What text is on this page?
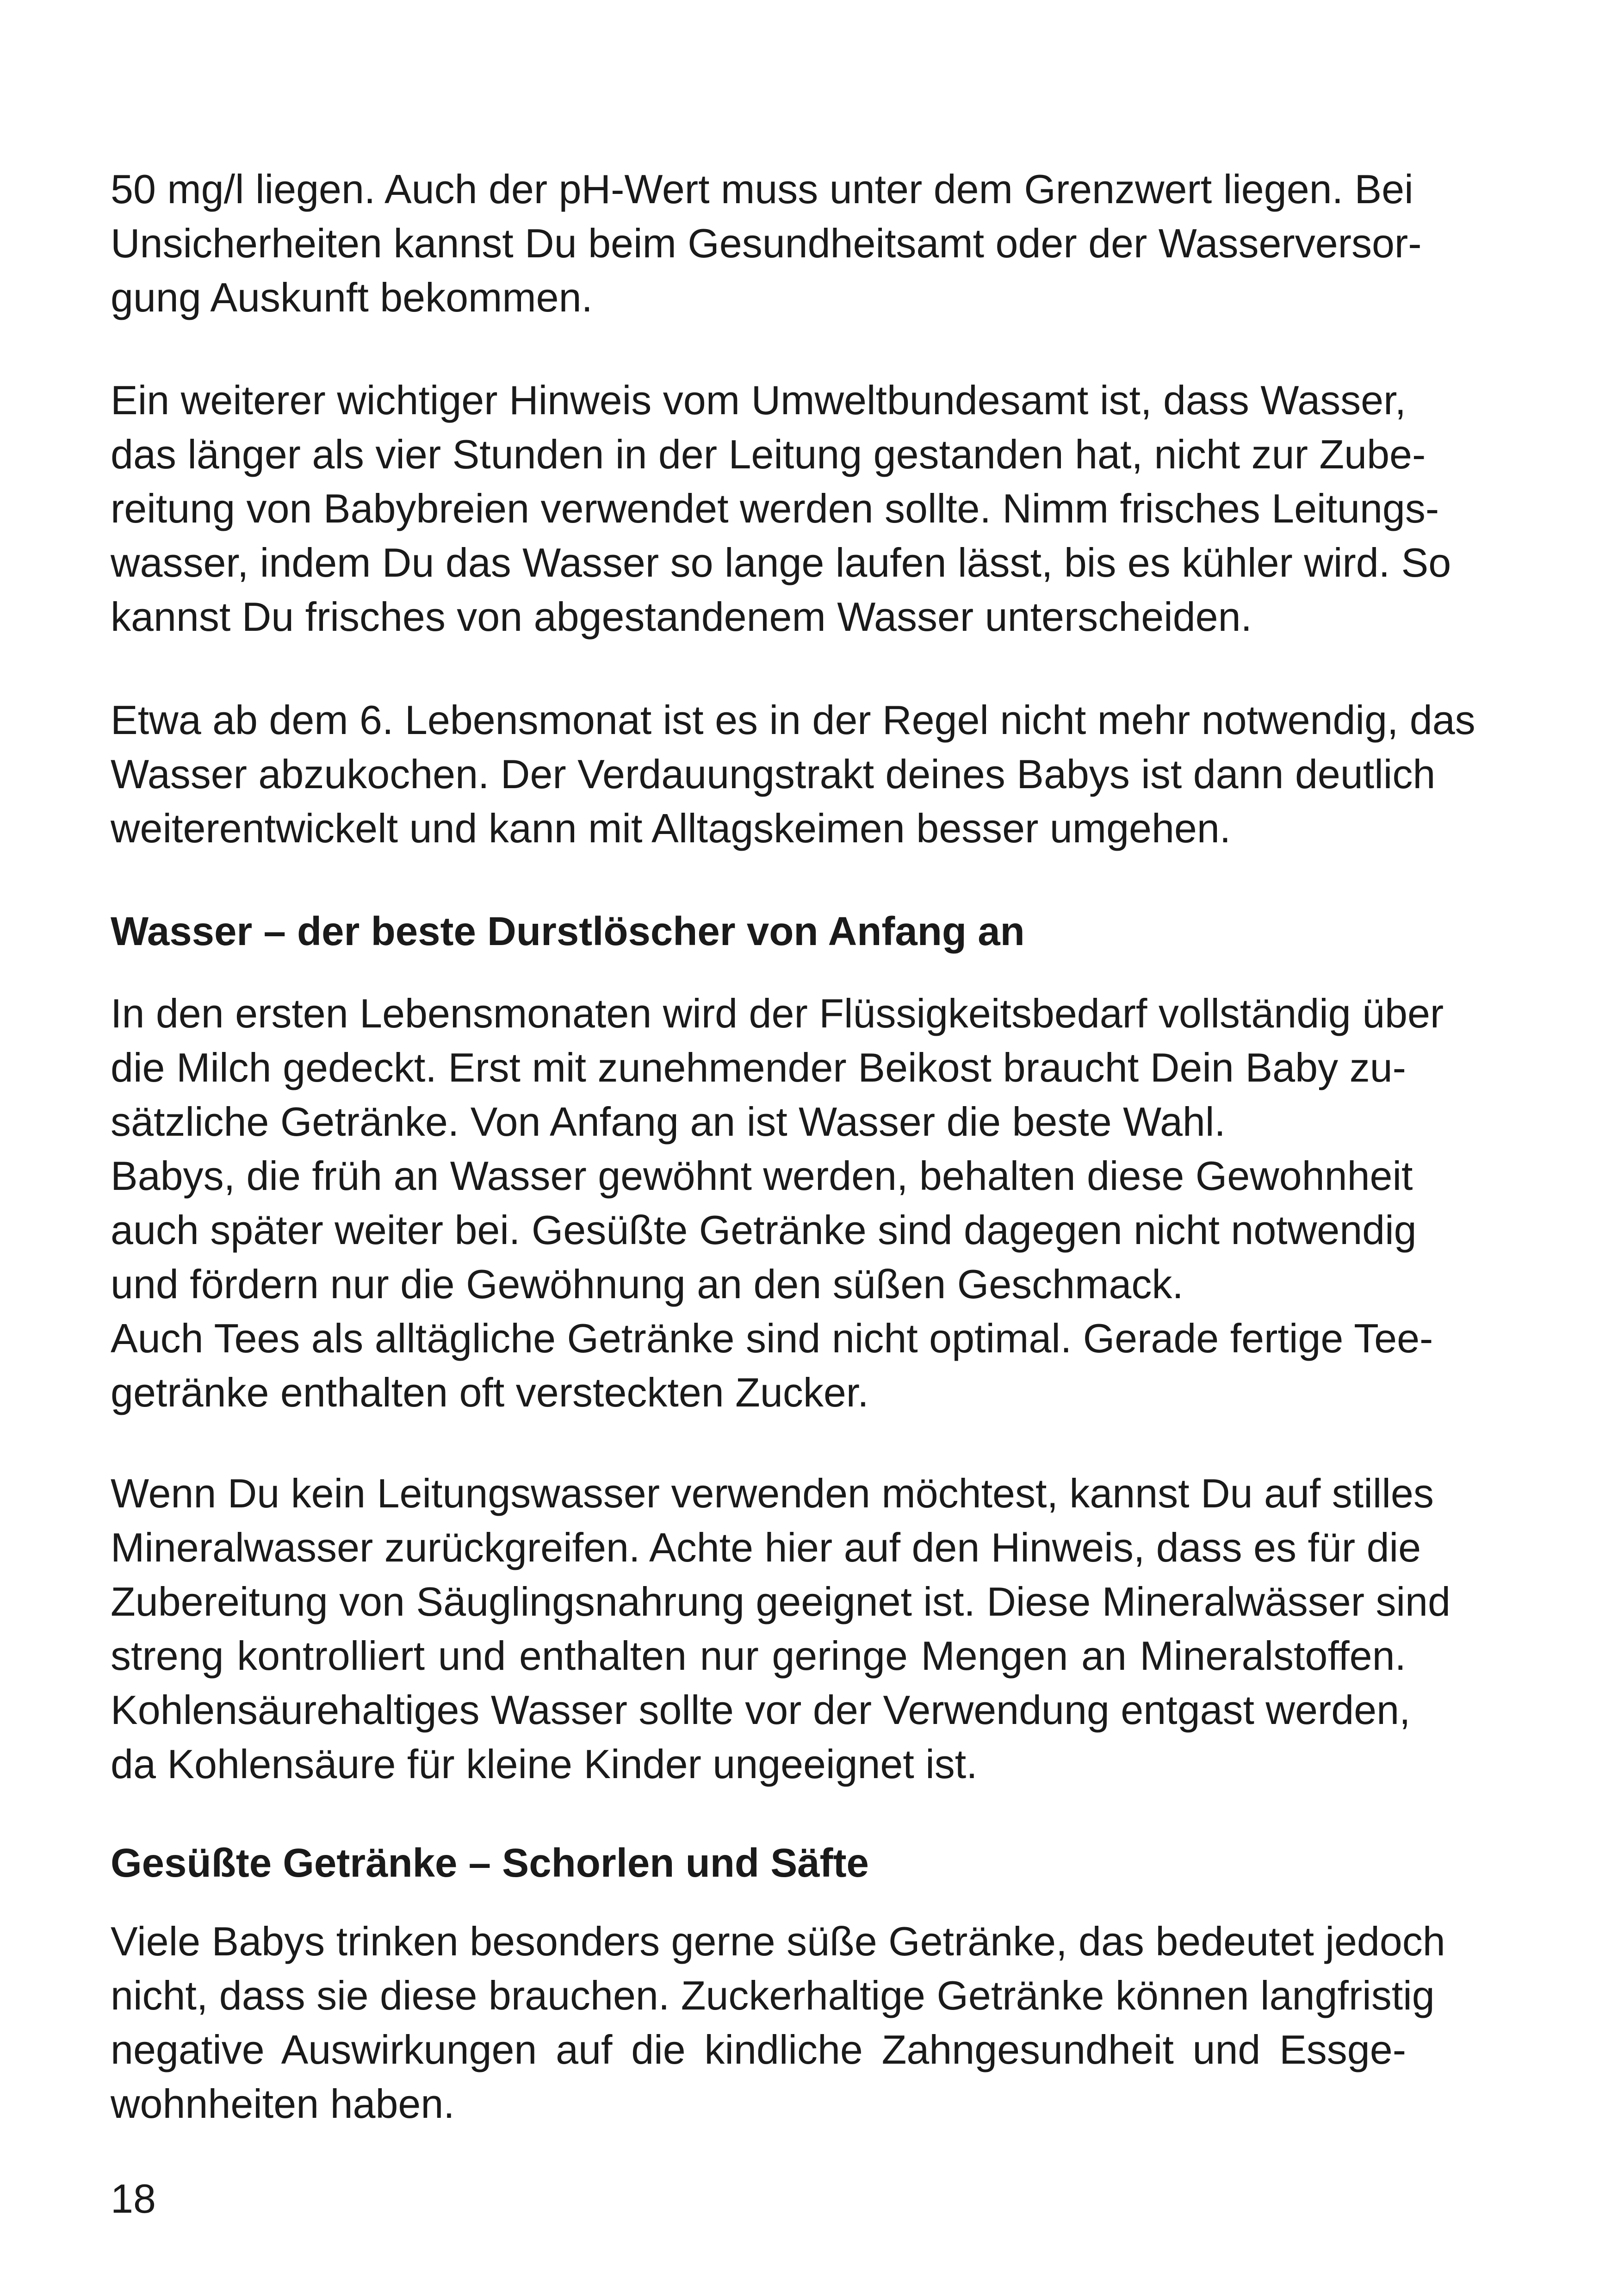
50 mg/l liegen. Auch der pH-Wert muss unter dem Grenzwert liegen. Bei
Unsicherheiten kannst Du beim Gesundheitsamt oder der Wasserversor-
gung Auskunft bekommen.

Ein weiterer wichtiger Hinweis vom Umweltbundesamt ist, dass Wasser,
das länger als vier Stunden in der Leitung gestanden hat, nicht zur Zube-
reitung von Babybreien verwendet werden sollte. Nimm frisches Leitungs-
wasser, indem Du das Wasser so lange laufen lässt, bis es kühler wird. So
kannst Du frisches von abgestandenem Wasser unterscheiden.

Etwa ab dem 6. Lebensmonat ist es in der Regel nicht mehr notwendig, das
Wasser abzukochen. Der Verdauungstrakt deines Babys ist dann deutlich
weiterentwickelt und kann mit Alltagskeimen besser umgehen.

Wasser – der beste Durstlöscher von Anfang an

In den ersten Lebensmonaten wird der Flüssigkeitsbedarf vollständig über
die Milch gedeckt. Erst mit zunehmender Beikost braucht Dein Baby zu-
sätzliche Getränke. Von Anfang an ist Wasser die beste Wahl.
Babys, die früh an Wasser gewöhnt werden, behalten diese Gewohnheit
auch später weiter bei. Gesüßte Getränke sind dagegen nicht notwendig
und fördern nur die Gewöhnung an den süßen Geschmack.
Auch Tees als alltägliche Getränke sind nicht optimal. Gerade fertige Tee-
getränke enthalten oft versteckten Zucker.

Wenn Du kein Leitungswasser verwenden möchtest, kannst Du auf stilles
Mineralwasser zurückgreifen. Achte hier auf den Hinweis, dass es für die
Zubereitung von Säuglingsnahrung geeignet ist. Diese Mineralwässer sind
streng kontrolliert und enthalten nur geringe Mengen an Mineralstoffen.
Kohlensäurehaltiges Wasser sollte vor der Verwendung entgast werden,
da Kohlensäure für kleine Kinder ungeeignet ist.

Gesüßte Getränke – Schorlen und Säfte

Viele Babys trinken besonders gerne süße Getränke, das bedeutet jedoch
nicht, dass sie diese brauchen. Zuckerhaltige Getränke können langfristig
negative Auswirkungen auf die kindliche Zahngesundheit und Essge-
wohnheiten haben.

18
